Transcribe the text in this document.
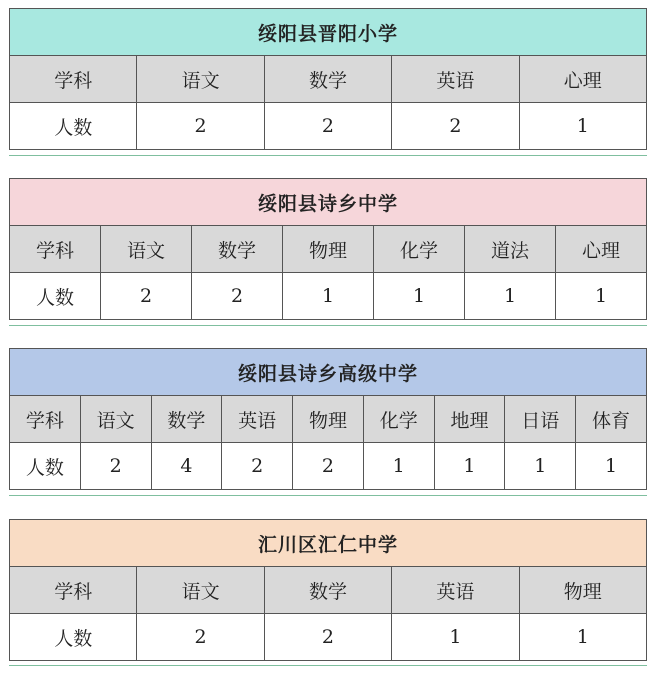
绥阳县晋阳小学				
学科	语文	数学	英语	心理
人数	2	2	2	1
绥阳县诗乡中学						
学科	语文	数学	物理	化学	道法	心理
人数	2	2	1	1	1	1
绥阳县诗乡高级中学								
学科	语文	数学	英语	物理	化学	地理	日语	体育
人数	2	4	2	2	1	1	1	1
汇川区汇仁中学				
学科	语文	数学	英语	物理
人数	2	2	1	1
